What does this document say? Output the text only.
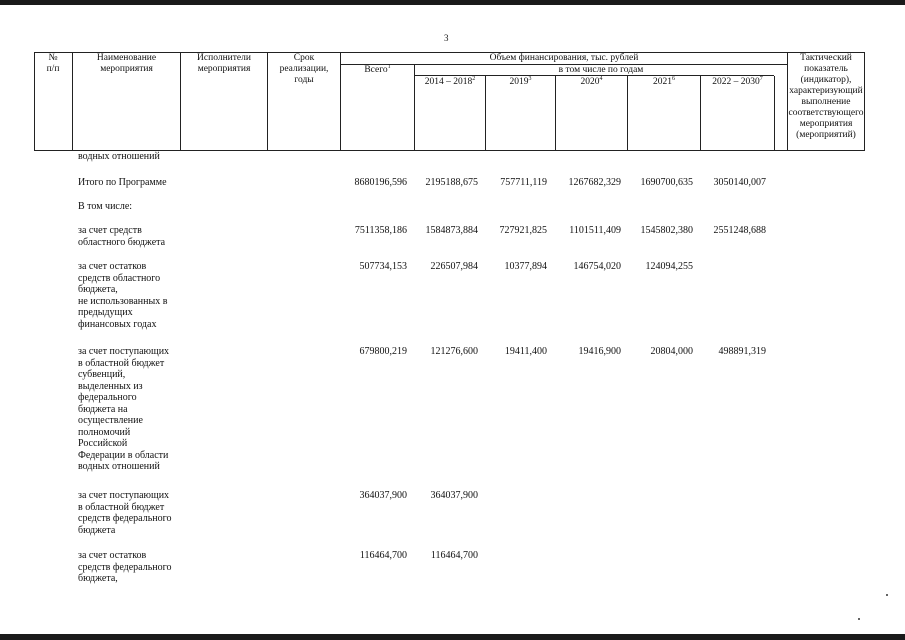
3
№
п/п
Наименование
мероприятия
Исполнители
мероприятия
Срок
реализации,
годы
Объем финансирования, тыс. рублей
в том числе по годам
Всего$^1$
2014 – 2018$^2$	2019$^3$	2020$^4$	2021$^6$	2022 – 2030$^7$
Тактический
показатель
(индикатор),
характеризующий
выполнение
соответствующего
мероприятия
(мероприятий)
водных отношений
Итого по Программе	8680196,596	2195188,675	757711,119	1267682,329	1690700,635	3050140,007
В том числе:
за счет средств
областного бюджета
7511358,186	1584873,884	727921,825	1101511,409	1545802,380	2551248,688
за счет остатков
средств областного
бюджета,
не использованных в
предыдущих
финансовых годах
507734,153	226507,984	10377,894	146754,020	124094,255
за счет поступающих
в областной бюджет
субвенций,
выделенных из
федерального
бюджета на
осуществление
полномочий
Российской
Федерации в области
водных отношений
679800,219	121276,600	19411,400	19416,900	20804,000	498891,319
за счет поступающих
в областной бюджет
средств федерального
бюджета
364037,900	364037,900
за счет остатков
средств федерального
бюджета,
116464,700	116464,700
